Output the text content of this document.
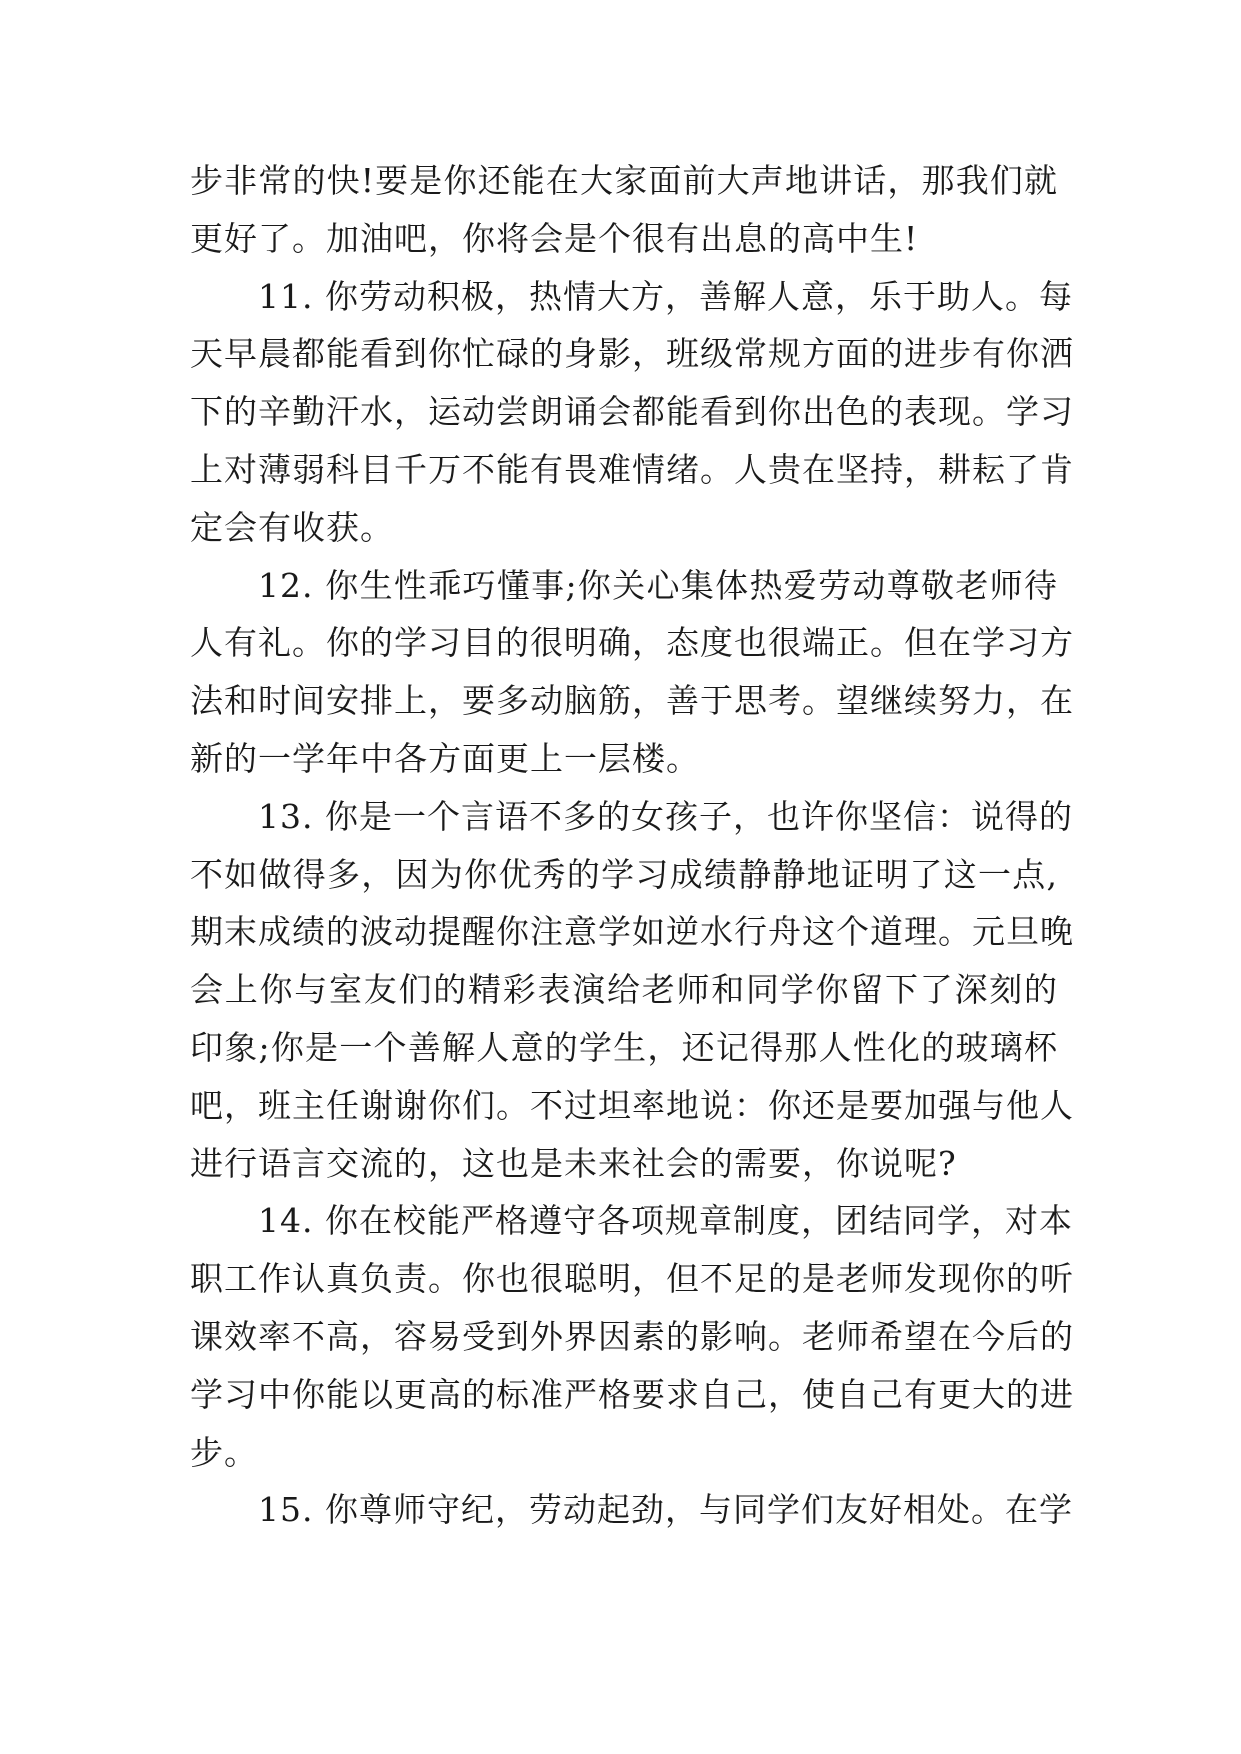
步非常的快!要是你还能在大家面前大声地讲话，那我们就
更好了。加油吧，你将会是个很有出息的高中生!
11. 你劳动积极，热情大方，善解人意，乐于助人。每
天早晨都能看到你忙碌的身影，班级常规方面的进步有你洒
下的辛勤汗水，运动尝朗诵会都能看到你出色的表现。学习
上对薄弱科目千万不能有畏难情绪。人贵在坚持，耕耘了肯
定会有收获。
12. 你生性乖巧懂事;你关心集体热爱劳动尊敬老师待
人有礼。你的学习目的很明确，态度也很端正。但在学习方
法和时间安排上，要多动脑筋，善于思考。望继续努力，在
新的一学年中各方面更上一层楼。
13. 你是一个言语不多的女孩子，也许你坚信：说得的
不如做得多，因为你优秀的学习成绩静静地证明了这一点,
期末成绩的波动提醒你注意学如逆水行舟这个道理。元旦晚
会上你与室友们的精彩表演给老师和同学你留下了深刻的
印象;你是一个善解人意的学生，还记得那人性化的玻璃杯
吧，班主任谢谢你们。不过坦率地说：你还是要加强与他人
进行语言交流的，这也是未来社会的需要，你说呢?
14. 你在校能严格遵守各项规章制度，团结同学，对本
职工作认真负责。你也很聪明，但不足的是老师发现你的听
课效率不高，容易受到外界因素的影响。老师希望在今后的
学习中你能以更高的标准严格要求自己，使自己有更大的进
步。
15. 你尊师守纪，劳动起劲，与同学们友好相处。在学
